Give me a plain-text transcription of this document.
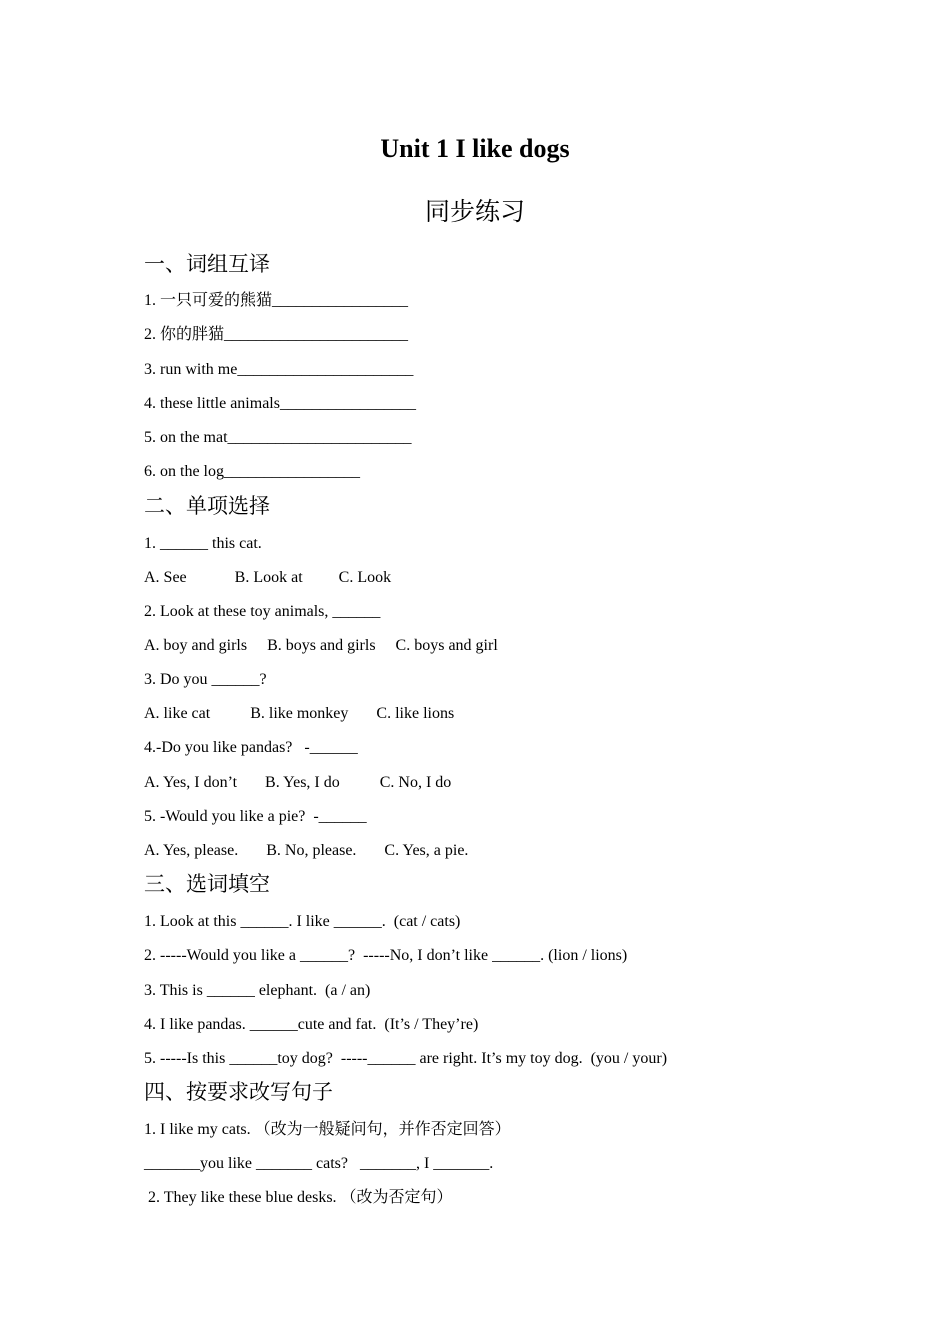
Unit 1 I like dogs
同步练习
一、词组互译
1. 一只可爱的熊猫_________________
2. 你的胖猫_______________________
3. run with me______________________
4. these little animals_________________
5. on the mat_______________________
6. on the log_________________
二、单项选择
1. ______ this cat.
A. See            B. Look at         C. Look
2. Look at these toy animals, ______
A. boy and girls     B. boys and girls     C. boys and girl
3. Do you ______?
A. like cat          B. like monkey       C. like lions
4.-Do you like pandas?   -______
A. Yes, I don’t       B. Yes, I do          C. No, I do
5. -Would you like a pie?  -______
A. Yes, please.       B. No, please.       C. Yes, a pie.
三、选词填空
1. Look at this ______. I like ______.  (cat / cats)
2. -----Would you like a ______?  -----No, I don’t like ______. (lion / lions)
3. This is ______ elephant.  (a / an)
4. I like pandas. ______cute and fat.  (It’s / They’re)
5. -----Is this ______toy dog?  -----______ are right. It’s my toy dog.  (you / your)
四、按要求改写句子
1. I like my cats. （改为一般疑问句，并作否定回答）
_______you like _______ cats?   _______, I _______.
2. They like these blue desks. （改为否定句）
